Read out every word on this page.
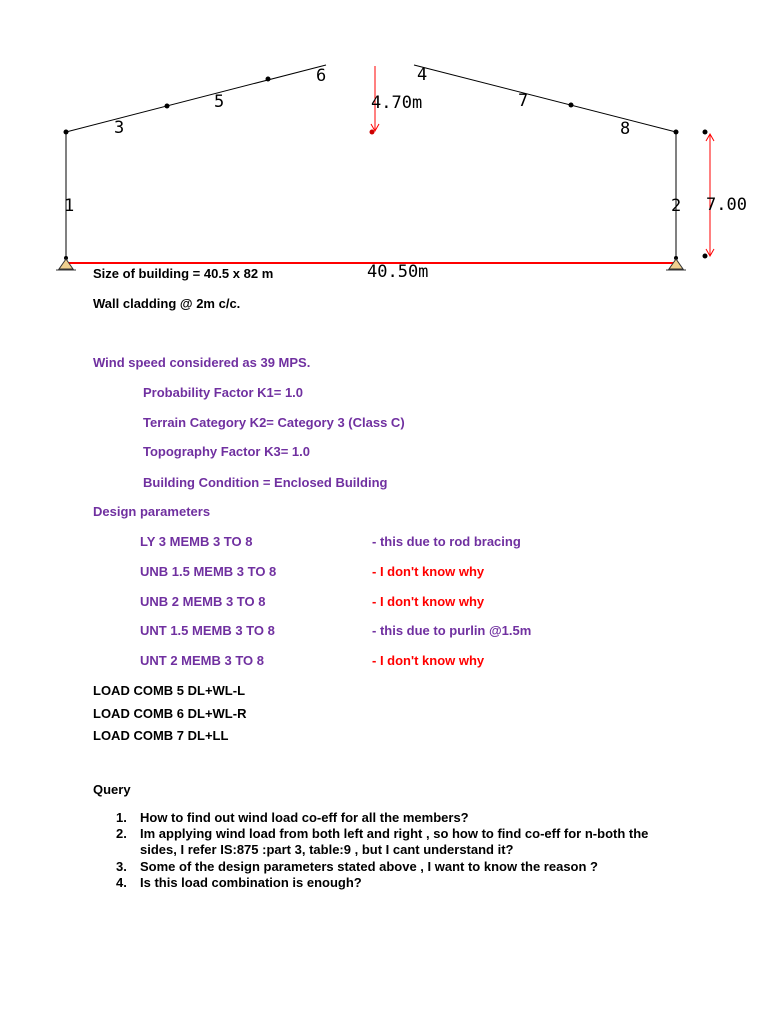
1	2
3
4
5
6
7
8
4.70m
7.00
40.50m
Size of building = 40.5 x 82 m
Wall cladding @ 2m c/c.
Wind speed considered as 39 MPS.
Probability Factor K1= 1.0
Terrain Category K2= Category 3 (Class C)
Topography Factor K3= 1.0
Building Condition = Enclosed Building
Design parameters
LY 3 MEMB 3 TO 8	- this due to rod bracing
UNB 1.5 MEMB 3 TO 8	- I don't know why
UNB 2 MEMB 3 TO 8	- I don't know why
UNT 1.5 MEMB 3 TO 8	- this due to purlin @1.5m
UNT 2 MEMB 3 TO 8	- I don't know why
LOAD COMB 5 DL+WL-L
LOAD COMB 6 DL+WL-R
LOAD COMB 7 DL+LL
Query
1. How to find out wind load co-eff for all the members?
2. Im applying wind load from both left and right , so how to find co-eff for n-both the sides, I refer IS:875 :part 3, table:9 , but I cant understand it?
3. Some of the design parameters stated above , I want to know the reason ?
4. Is this load combination is enough?
